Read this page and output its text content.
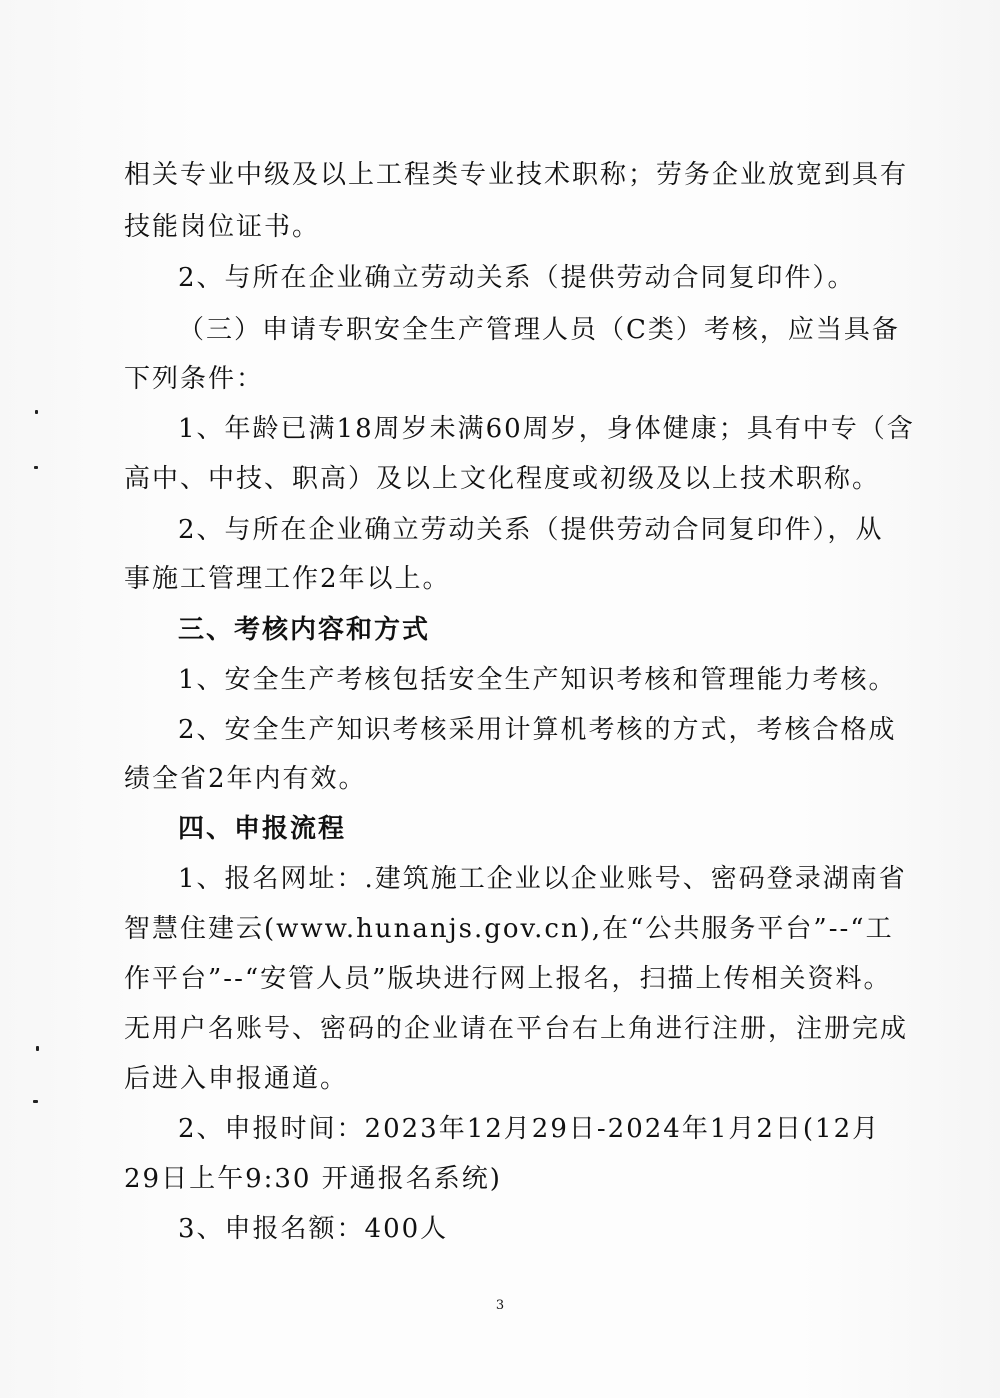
相关专业中级及以上工程类专业技术职称；劳务企业放宽到具有
技能岗位证书。
2、与所在企业确立劳动关系（提供劳动合同复印件）。
（三）申请专职安全生产管理人员（C类）考核，应当具备
下列条件：
1、年龄已满18周岁未满60周岁，身体健康；具有中专（含
高中、中技、职高）及以上文化程度或初级及以上技术职称。
2、与所在企业确立劳动关系（提供劳动合同复印件），从
事施工管理工作2年以上。
三、考核内容和方式
1、安全生产考核包括安全生产知识考核和管理能力考核。
2、安全生产知识考核采用计算机考核的方式，考核合格成
绩全省2年内有效。
四、申报流程
1、报名网址：.建筑施工企业以企业账号、密码登录湖南省
智慧住建云(www.hunanjs.gov.cn),在“公共服务平台”--“工
作平台”--“安管人员”版块进行网上报名，扫描上传相关资料。
无用户名账号、密码的企业请在平台右上角进行注册，注册完成
后进入申报通道。
2、申报时间：2023年12月29日-2024年1月2日(12月
29日上午9:30 开通报名系统)
3、申报名额：400人
3
